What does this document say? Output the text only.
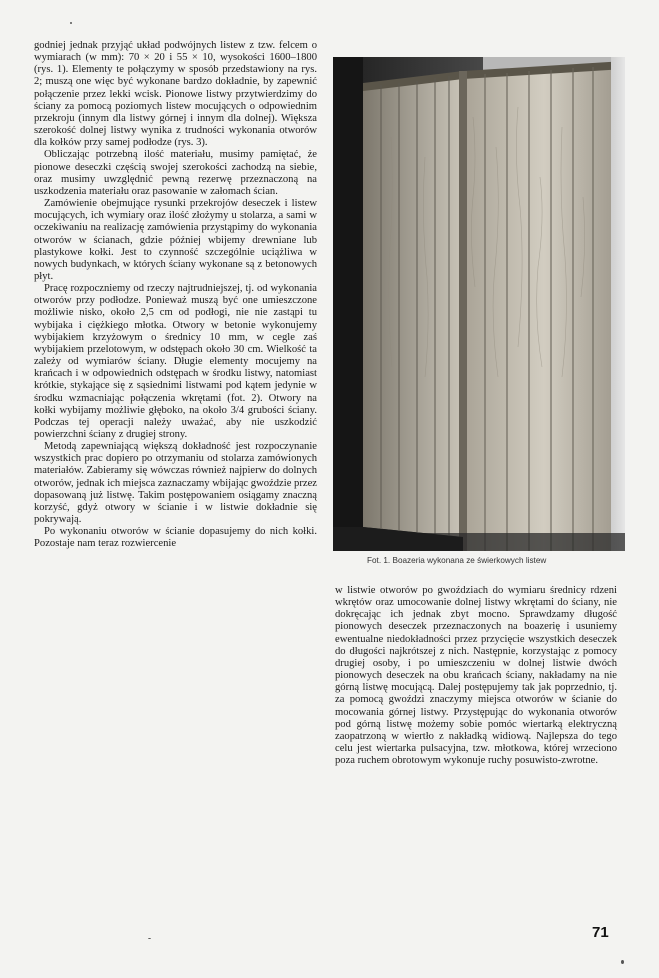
godniej jednak przyjąć układ podwójnych listew z tzw. felcem o wymiarach (w mm): 70 × 20 i 55 × 10, wysokości 1600–1800 (rys. 1). Elementy te połączymy w sposób przedstawiony na rys. 2; muszą one więc być wykonane bardzo dokładnie, by zapewnić połączenie przez lekki wcisk. Pionowe listwy przytwierdzimy do ściany za pomocą poziomych listew mocujących o odpowiednim przekroju (innym dla listwy górnej i innym dla dolnej). Większa szerokość dolnej listwy wynika z trudności wykonania otworów dla kołków przy samej podłodze (rys. 3).

Obliczając potrzebną ilość materiału, musimy pamiętać, że pionowe deseczki częścią swojej szerokości zachodzą na siebie, oraz musimy uwzględnić pewną rezerwę przeznaczoną na uszkodzenia materiału oraz pasowanie w załomach ścian.

Zamówienie obejmujące rysunki przekrojów deseczek i listew mocujących, ich wymiary oraz ilość złożymy u stolarza, a sami w oczekiwaniu na realizację zamówienia przystąpimy do wykonania otworów w ścianach, gdzie później wbijemy drewniane lub plastykowe kołki. Jest to czynność szczególnie uciążliwa w nowych budynkach, w których ściany wykonane są z betonowych płyt.

Pracę rozpoczniemy od rzeczy najtrudniejszej, tj. od wykonania otworów przy podłodze. Ponieważ muszą być one umieszczone możliwie nisko, około 2,5 cm od podłogi, nie nie zastąpi tu wybijaka i ciężkiego młotka. Otwory w betonie wykonujemy wybijakiem krzyżowym o średnicy 10 mm, w cegle zaś wybijakiem przelotowym, w odstępach około 30 cm. Wielkość ta zależy od wymiarów ściany. Długie elementy mocujemy na krańcach i w odpowiednich odstępach w środku listwy, natomiast krótkie, stykające się z sąsiednimi listwami pod kątem jedynie w środku wzmacniając połączenia wkrętami (fot. 2). Otwory na kołki wybijamy możliwie głęboko, na około 3/4 grubości ściany. Podczas tej operacji należy uważać, aby nie uszkodzić powierzchni ściany z drugiej strony.

Metodą zapewniającą większą dokładność jest rozpoczynanie wszystkich prac dopiero po otrzymaniu od stolarza zamówionych materiałów. Zabieramy się wówczas również najpierw do dolnych otworów, jednak ich miejsca zaznaczamy wbijając gwoździe przez dopasowaną już listwę. Takim postępowaniem osiągamy znaczną korzyść, gdyż otwory w ścianie i w listwie dokładnie się pokrywają.

Po wykonaniu otworów w ścianie dopasujemy do nich kołki. Pozostaje nam teraz rozwiercenie

Fot. 1. Boazeria wykonana ze świerkowych listew

w listwie otworów po gwoździach do wymiaru średnicy rdzeni wkrętów oraz umocowanie dolnej listwy wkrętami do ściany, nie dokręcając ich jednak zbyt mocno. Sprawdzamy długość pionowych deseczek przeznaczonych na boazerię i usuniemy ewentualne niedokładności przez przycięcie wszystkich deseczek do długości najkrótszej z nich. Następnie, korzystając z pomocy drugiej osoby, i po umieszczeniu w dolnej listwie dwóch pionowych deseczek na obu krańcach ściany, nakładamy na nie górną listwę mocującą. Dalej postępujemy tak jak poprzednio, tj. za pomocą gwoździ znaczymy miejsca otworów w ścianie do mocowania górnej listwy. Przystępując do wykonania otworów pod górną listwę możemy sobie pomóc wiertarką elektryczną zaopatrzoną w wiertło z nakładką widiową. Najlepsza do tego celu jest wiertarka pulsacyjna, tzw. młotkowa, której wrzeciono poza ruchem obrotowym wykonuje ruchy posuwisto-zwrotne.

71
